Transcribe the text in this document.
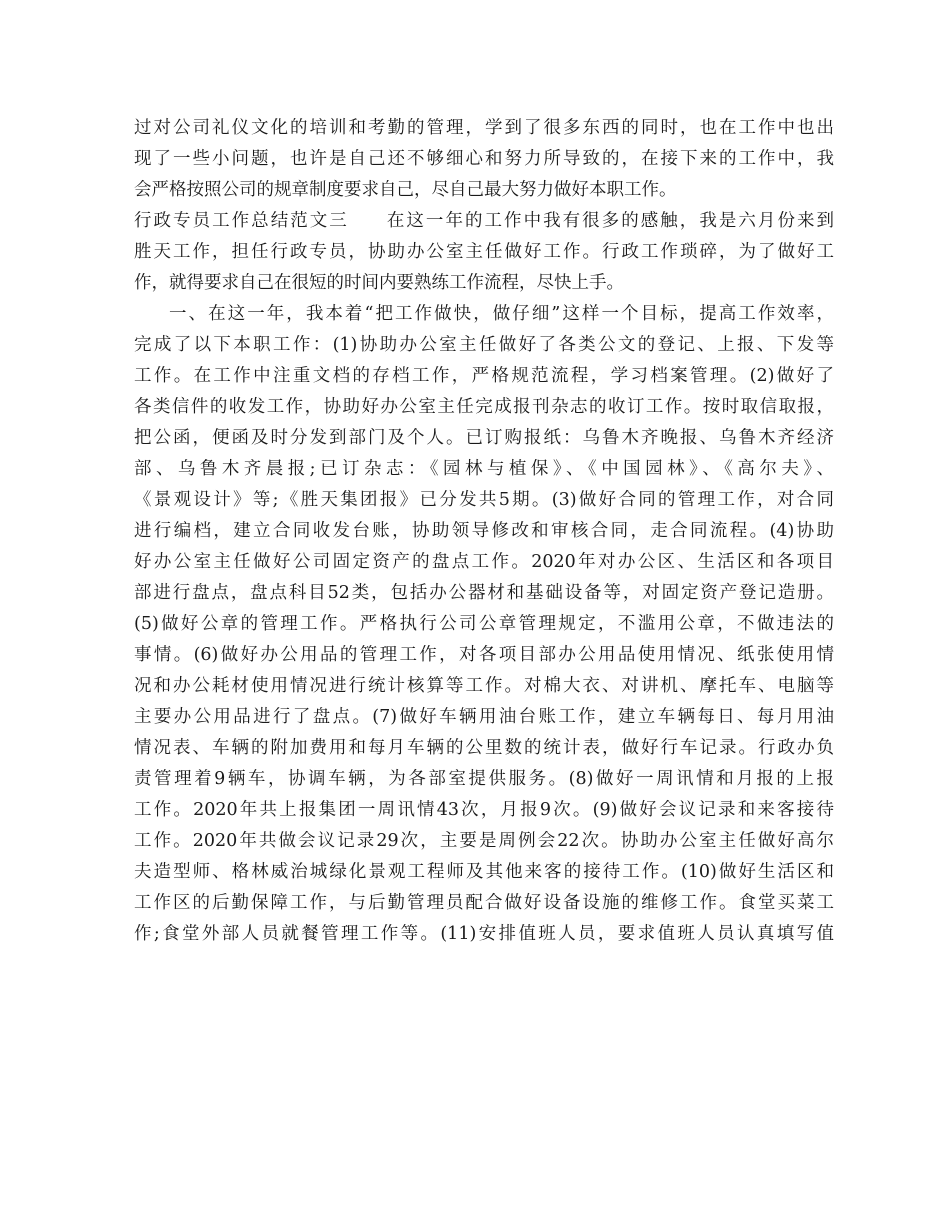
过对公司礼仪文化的培训和考勤的管理，学到了很多东西的同时，也在工作中也出
现了一些小问题，也许是自己还不够细心和努力所导致的，在接下来的工作中，我
会严格按照公司的规章制度要求自己，尽自己最大努力做好本职工作。
行政专员工作总结范文三 在这一年的工作中我有很多的感触，我是六月份来到
胜天工作，担任行政专员，协助办公室主任做好工作。行政工作琐碎，为了做好工
作，就得要求自己在很短的时间内要熟练工作流程，尽快上手。
一、在这一年，我本着“把工作做快，做仔细”这样一个目标，提高工作效率，
完成了以下本职工作：(1)协助办公室主任做好了各类公文的登记、上报、下发等
工作。在工作中注重文档的存档工作，严格规范流程，学习档案管理。(2)做好了
各类信件的收发工作，协助好办公室主任完成报刊杂志的收订工作。按时取信取报，
把公函，便函及时分发到部门及个人。已订购报纸：乌鲁木齐晚报、乌鲁木齐经济
部、乌鲁木齐晨报;已订杂志：《园林与植保》、《中国园林》、《高尔夫》、
《景观设计》等;《胜天集团报》已分发共5期。(3)做好合同的管理工作，对合同
进行编档，建立合同收发台账，协助领导修改和审核合同，走合同流程。(4)协助
好办公室主任做好公司固定资产的盘点工作。2020年对办公区、生活区和各项目
部进行盘点，盘点科目52类，包括办公器材和基础设备等，对固定资产登记造册。
(5)做好公章的管理工作。严格执行公司公章管理规定，不滥用公章，不做违法的
事情。(6)做好办公用品的管理工作，对各项目部办公用品使用情况、纸张使用情
况和办公耗材使用情况进行统计核算等工作。对棉大衣、对讲机、摩托车、电脑等
主要办公用品进行了盘点。(7)做好车辆用油台账工作，建立车辆每日、每月用油
情况表、车辆的附加费用和每月车辆的公里数的统计表，做好行车记录。行政办负
责管理着9辆车，协调车辆，为各部室提供服务。(8)做好一周讯情和月报的上报
工作。2020年共上报集团一周讯情43次，月报9次。(9)做好会议记录和来客接待
工作。2020年共做会议记录29次，主要是周例会22次。协助办公室主任做好高尔
夫造型师、格林威治城绿化景观工程师及其他来客的接待工作。(10)做好生活区和
工作区的后勤保障工作，与后勤管理员配合做好设备设施的维修工作。食堂买菜工
作;食堂外部人员就餐管理工作等。(11)安排值班人员，要求值班人员认真填写值
